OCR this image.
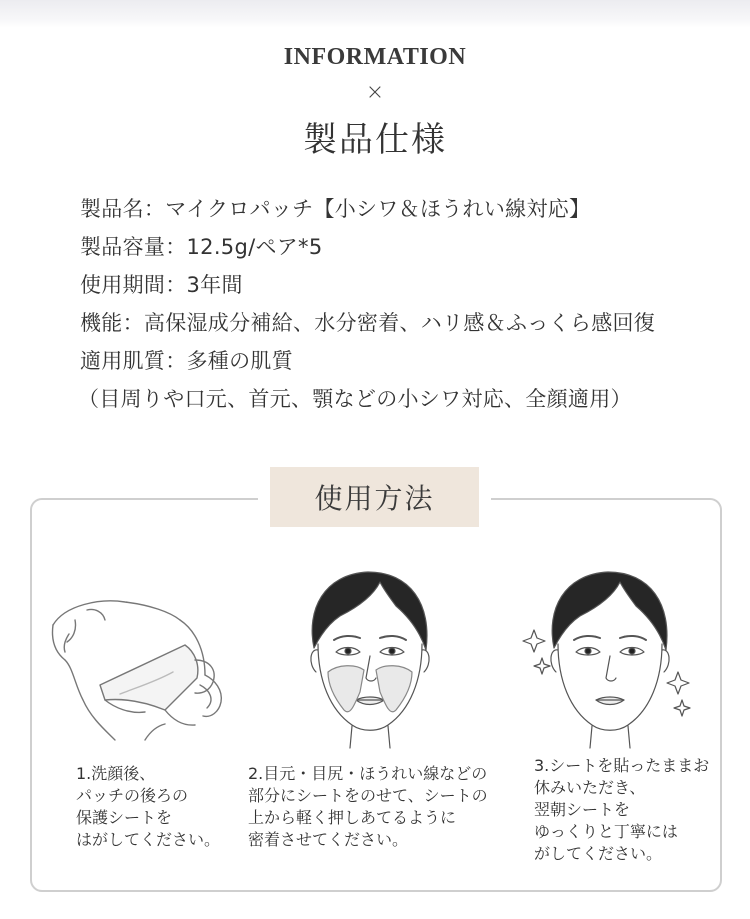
INFORMATION
×
製品仕様
製品名：マイクロパッチ【小シワ＆ほうれい線対応】
製品容量：12.5g/ペア*5
使用期間：3年間
機能：高保湿成分補給、水分密着、ハリ感＆ふっくら感回復
適用肌質：多種の肌質
（目周りや口元、首元、顎などの小シワ対応、全顔適用）
使用方法
1.洗顔後、
パッチの後ろの
保護シートを
はがしてください。
2.目元・目尻・ほうれい線などの
部分にシートをのせて、シートの
上から軽く押しあてるように
密着させてください。
3.シートを貼ったままお
休みいただき、
翌朝シートを
ゆっくりと丁寧には
がしてください。
